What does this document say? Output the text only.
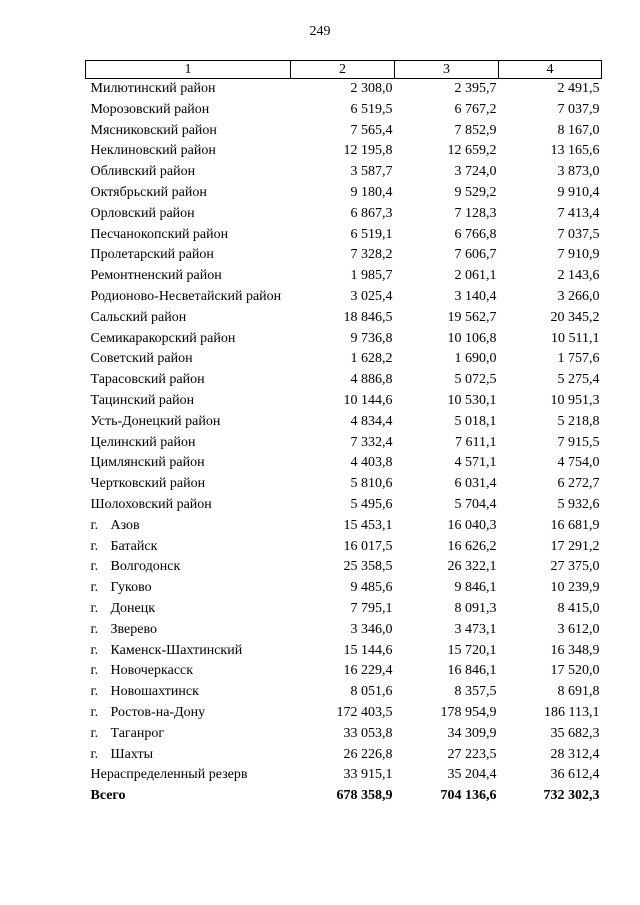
249
1	2	3	4
Милютинский район	2 308,0	2 395,7	2 491,5
Морозовский район	6 519,5	6 767,2	7 037,9
Мясниковский район	7 565,4	7 852,9	8 167,0
Неклиновский район	12 195,8	12 659,2	13 165,6
Обливский район	3 587,7	3 724,0	3 873,0
Октябрьский район	9 180,4	9 529,2	9 910,4
Орловский район	6 867,3	7 128,3	7 413,4
Песчанокопский район	6 519,1	6 766,8	7 037,5
Пролетарский район	7 328,2	7 606,7	7 910,9
Ремонтненский район	1 985,7	2 061,1	2 143,6
Родионово-Несветайский район	3 025,4	3 140,4	3 266,0
Сальский район	18 846,5	19 562,7	20 345,2
Семикаракорский район	9 736,8	10 106,8	10 511,1
Советский район	1 628,2	1 690,0	1 757,6
Тарасовский район	4 886,8	5 072,5	5 275,4
Тацинский район	10 144,6	10 530,1	10 951,3
Усть-Донецкий район	4 834,4	5 018,1	5 218,8
Целинский район	7 332,4	7 611,1	7 915,5
Цимлянский район	4 403,8	4 571,1	4 754,0
Чертковский район	5 810,6	6 031,4	6 272,7
Шолоховский район	5 495,6	5 704,4	5 932,6
г. Азов	15 453,1	16 040,3	16 681,9
г. Батайск	16 017,5	16 626,2	17 291,2
г. Волгодонск	25 358,5	26 322,1	27 375,0
г. Гуково	9 485,6	9 846,1	10 239,9
г. Донецк	7 795,1	8 091,3	8 415,0
г. Зверево	3 346,0	3 473,1	3 612,0
г. Каменск-Шахтинский	15 144,6	15 720,1	16 348,9
г. Новочеркасск	16 229,4	16 846,1	17 520,0
г. Новошахтинск	8 051,6	8 357,5	8 691,8
г. Ростов-на-Дону	172 403,5	178 954,9	186 113,1
г. Таганрог	33 053,8	34 309,9	35 682,3
г. Шахты	26 226,8	27 223,5	28 312,4
Нераспределенный резерв	33 915,1	35 204,4	36 612,4
Всего	678 358,9	704 136,6	732 302,3
